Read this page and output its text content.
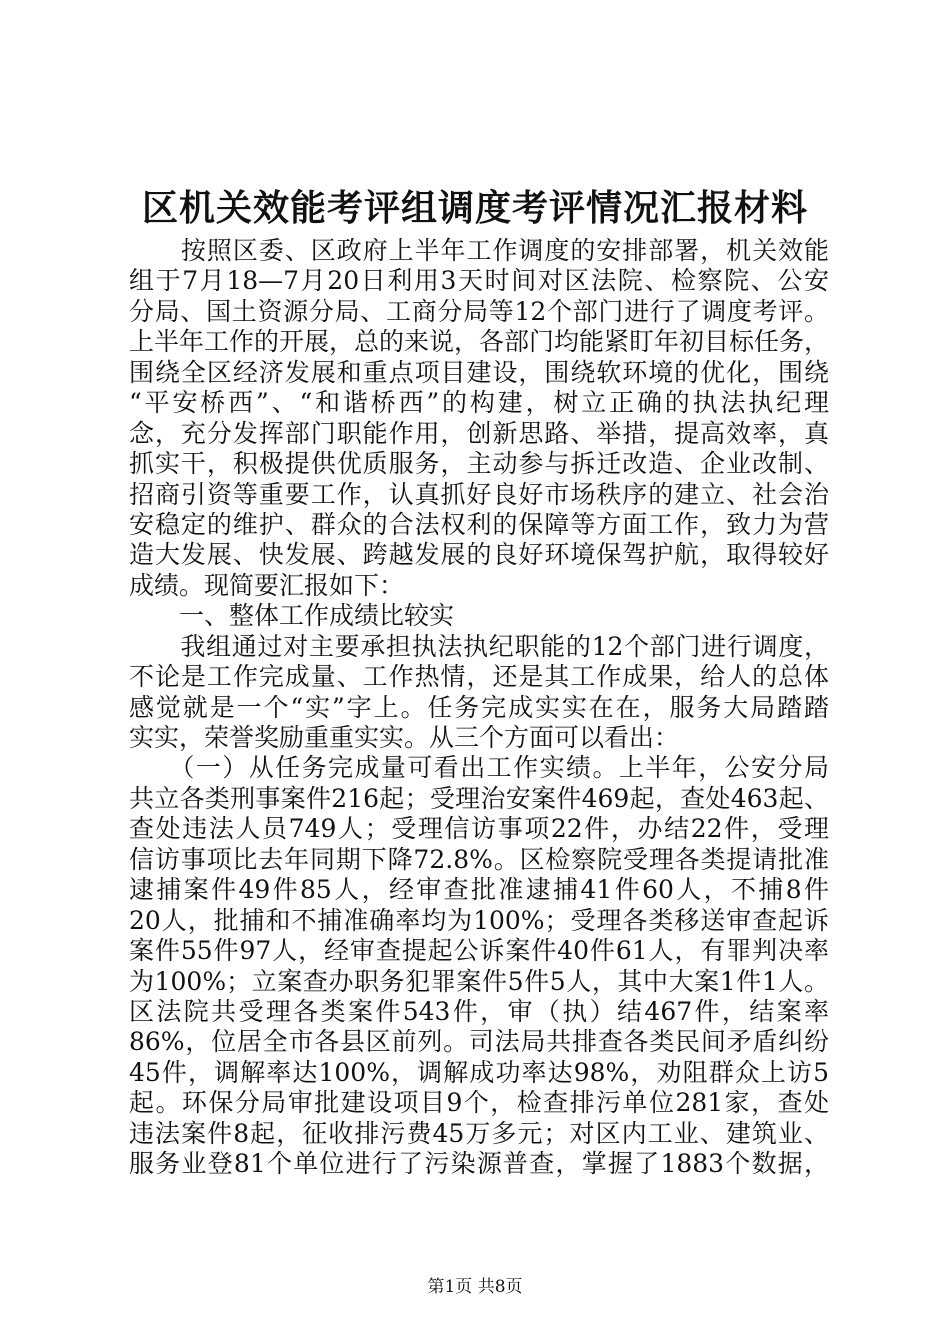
区机关效能考评组调度考评情况汇报材料
　　按照区委、区政府上半年工作调度的安排部署，机关效能
组于7月18—7月20日利用3天时间对区法院、检察院、公安
分局、国土资源分局、工商分局等12个部门进行了调度考评。
上半年工作的开展，总的来说，各部门均能紧盯年初目标任务，
围绕全区经济发展和重点项目建设，围绕软环境的优化，围绕
“平安桥西”、“和谐桥西”的构建，树立正确的执法执纪理
念，充分发挥部门职能作用，创新思路、举措，提高效率，真
抓实干，积极提供优质服务，主动参与拆迁改造、企业改制、
招商引资等重要工作，认真抓好良好市场秩序的建立、社会治
安稳定的维护、群众的合法权利的保障等方面工作，致力为营
造大发展、快发展、跨越发展的良好环境保驾护航，取得较好
成绩。现简要汇报如下：
　　一、整体工作成绩比较实
　　我组通过对主要承担执法执纪职能的12个部门进行调度，
不论是工作完成量、工作热情，还是其工作成果，给人的总体
感觉就是一个“实”字上。任务完成实实在在，服务大局踏踏
实实，荣誉奖励重重实实。从三个方面可以看出：
　　（一）从任务完成量可看出工作实绩。上半年，公安分局
共立各类刑事案件216起；受理治安案件469起，查处463起、
查处违法人员749人；受理信访事项22件，办结22件，受理
信访事项比去年同期下降72.8%。区检察院受理各类提请批准
逮捕案件49件85人，经审查批准逮捕41件60人，不捕8件
20人，批捕和不捕准确率均为100%；受理各类移送审查起诉
案件55件97人，经审查提起公诉案件40件61人，有罪判决率
为100%；立案查办职务犯罪案件5件5人，其中大案1件1人。
区法院共受理各类案件543件，审（执）结467件，结案率
86%，位居全市各县区前列。司法局共排查各类民间矛盾纠纷
45件，调解率达100%，调解成功率达98%，劝阻群众上访5
起。环保分局审批建设项目9个，检查排污单位281家，查处
违法案件8起，征收排污费45万多元；对区内工业、建筑业、
服务业登81个单位进行了污染源普查，掌握了1883个数据，
第1页 共8页
